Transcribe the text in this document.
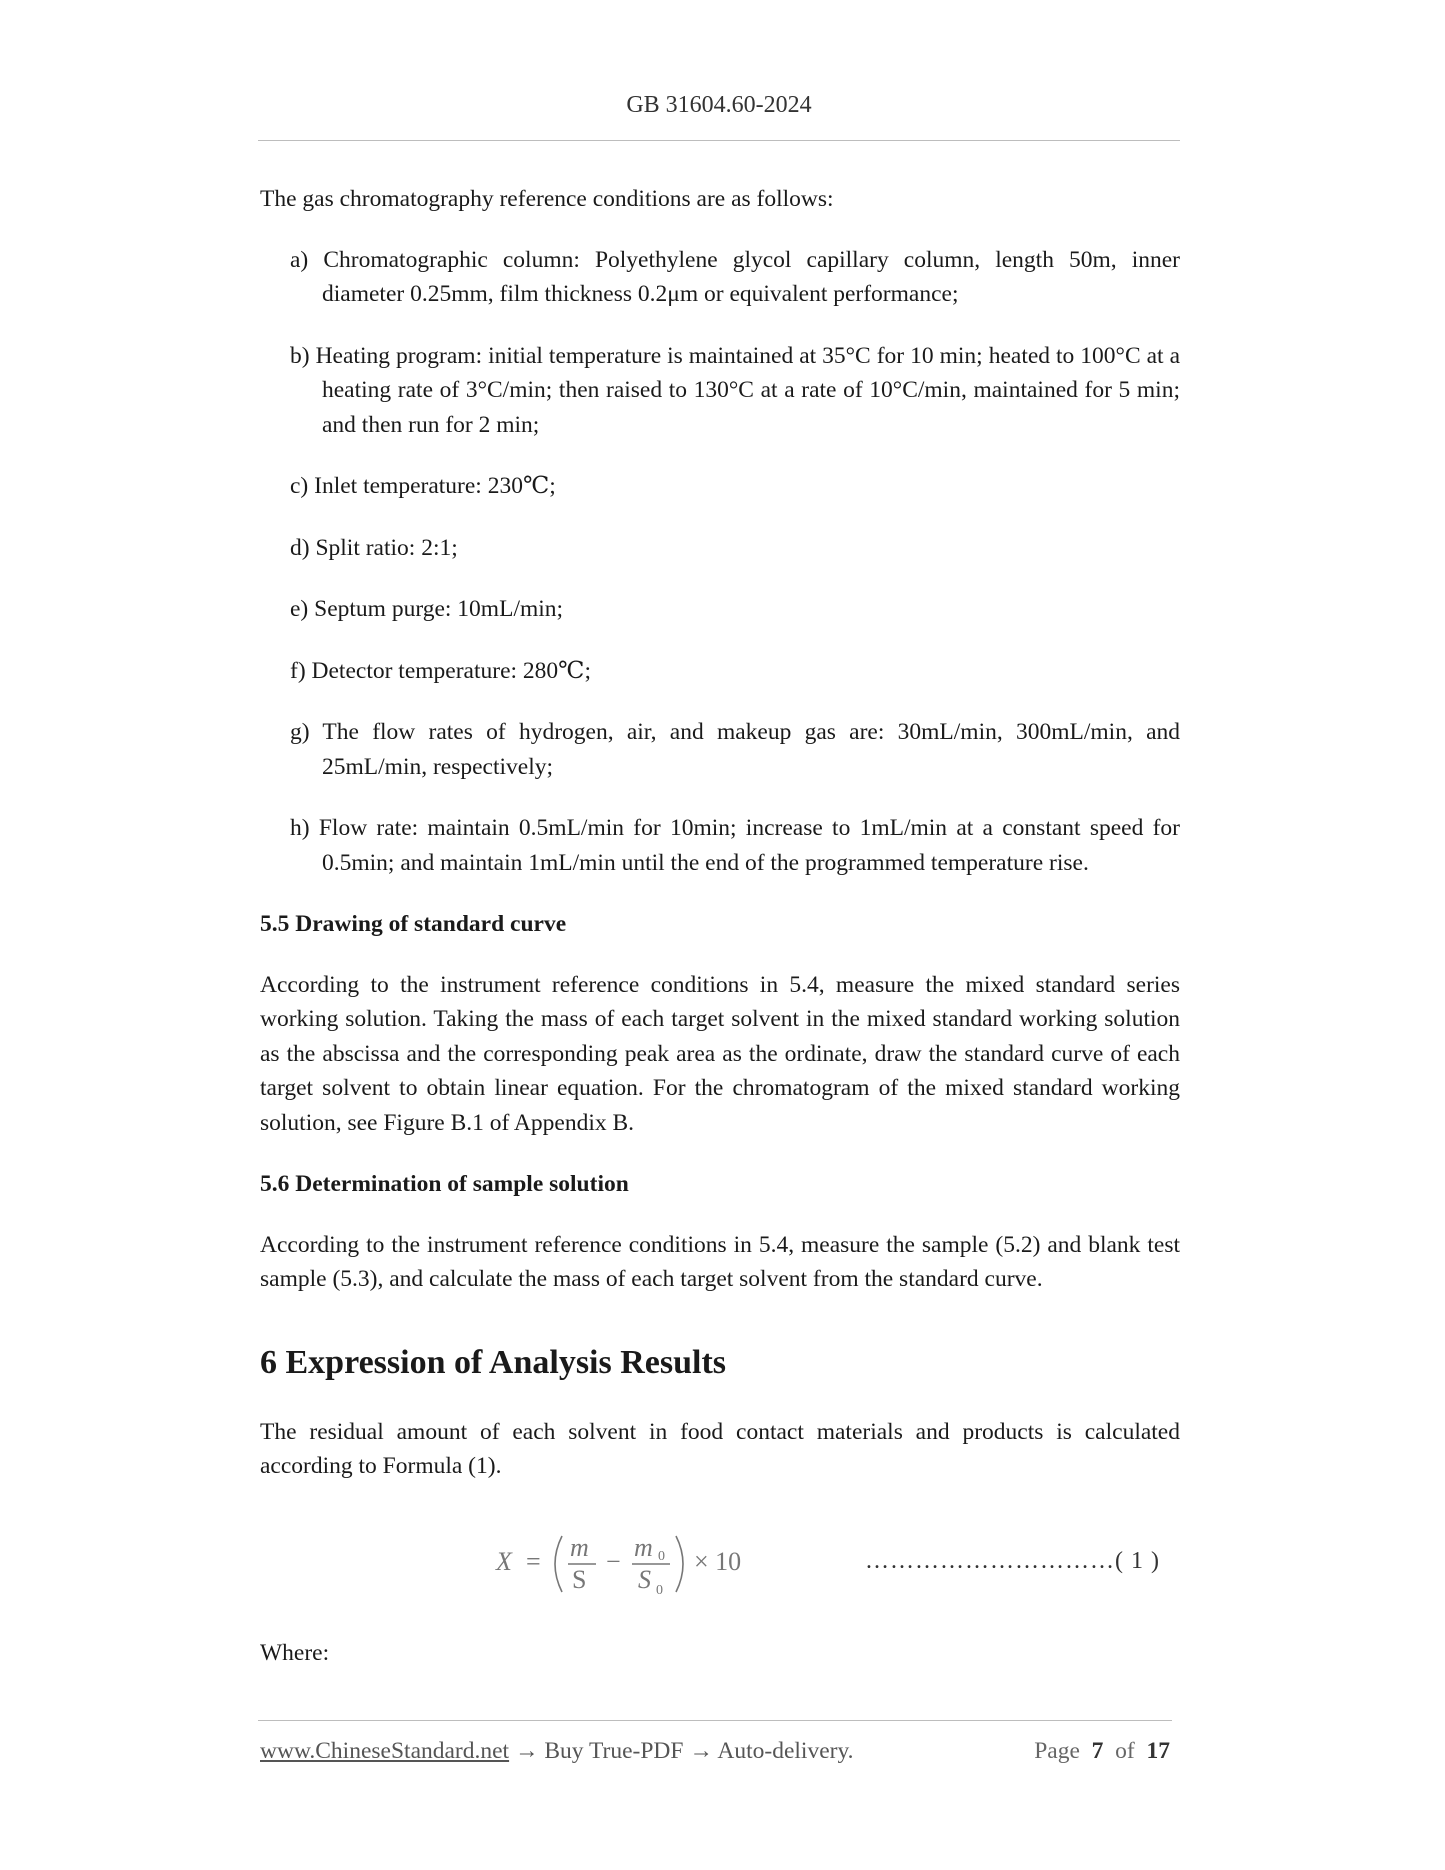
GB 31604.60-2024

The gas chromatography reference conditions are as follows:

a) Chromatographic column: Polyethylene glycol capillary column, length 50m, inner diameter 0.25mm, film thickness 0.2μm or equivalent performance;

b) Heating program: initial temperature is maintained at 35°C for 10 min; heated to 100°C at a heating rate of 3°C/min; then raised to 130°C at a rate of 10°C/min, maintained for 5 min; and then run for 2 min;

c) Inlet temperature: 230℃;

d) Split ratio: 2:1;

e) Septum purge: 10mL/min;

f) Detector temperature: 280℃;

g) The flow rates of hydrogen, air, and makeup gas are: 30mL/min, 300mL/min, and 25mL/min, respectively;

h) Flow rate: maintain 0.5mL/min for 10min; increase to 1mL/min at a constant speed for 0.5min; and maintain 1mL/min until the end of the programmed temperature rise.

5.5 Drawing of standard curve

According to the instrument reference conditions in 5.4, measure the mixed standard series working solution. Taking the mass of each target solvent in the mixed standard working solution as the abscissa and the corresponding peak area as the ordinate, draw the standard curve of each target solvent to obtain linear equation. For the chromatogram of the mixed standard working solution, see Figure B.1 of Appendix B.

5.6 Determination of sample solution

According to the instrument reference conditions in 5.4, measure the sample (5.2) and blank test sample (5.3), and calculate the mass of each target solvent from the standard curve.

6 Expression of Analysis Results

The residual amount of each solvent in food contact materials and products is calculated according to Formula (1).

X = m
S
− m 0
S 0
× 10	…………………………( 1 )

Where:

www.ChineseStandard.net → Buy True-PDF → Auto-delivery.	Page 7 of 17
